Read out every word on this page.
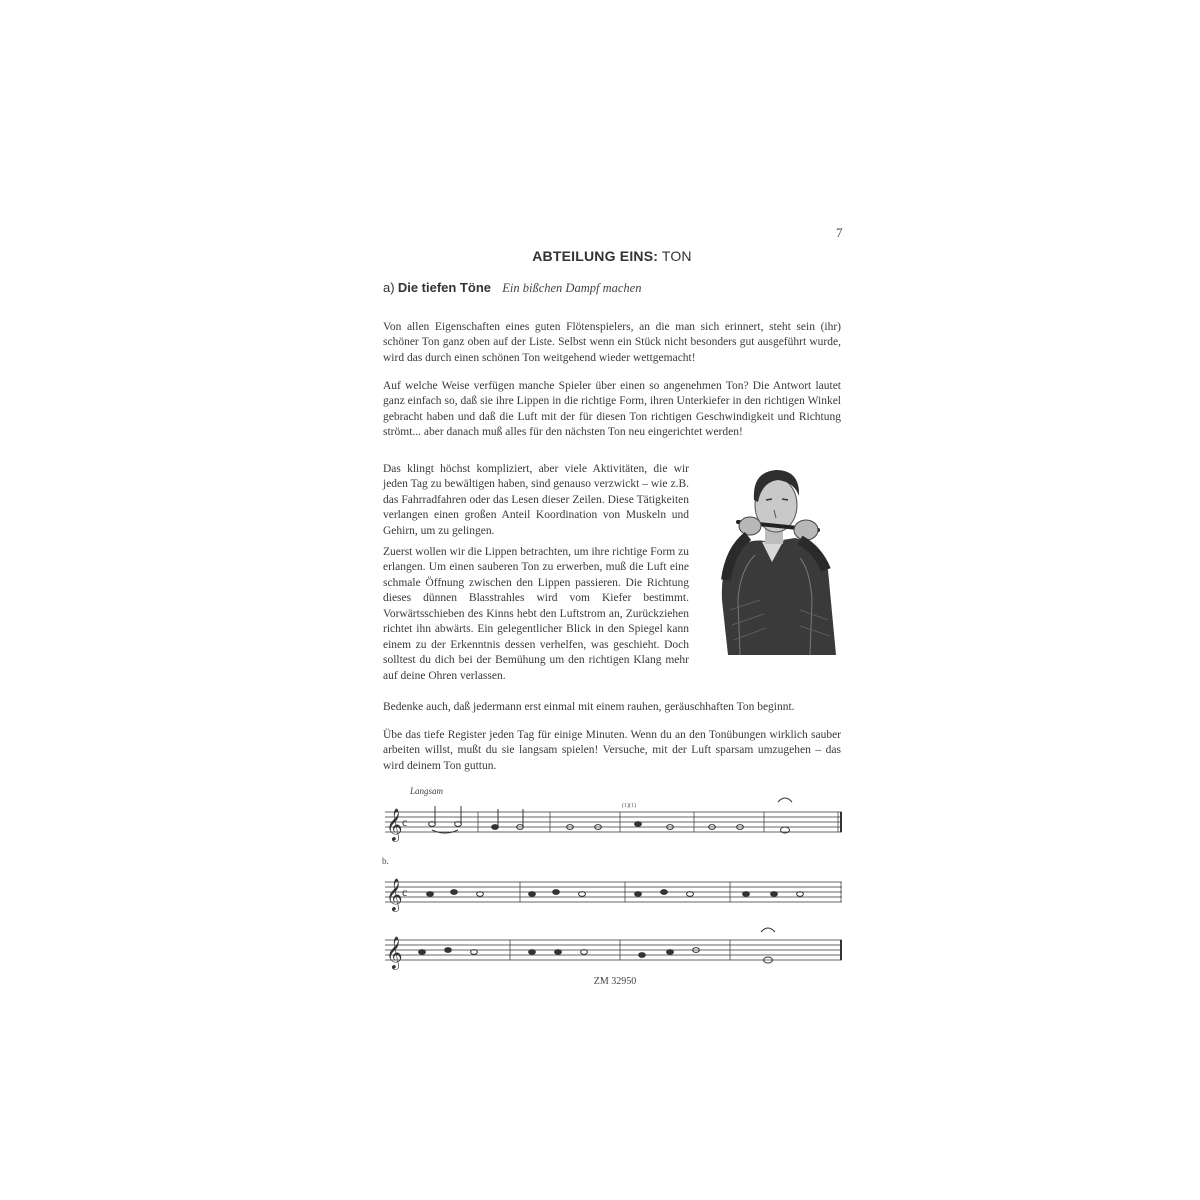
7
ABTEILUNG EINS: TON
a) Die tiefen Töne Ein bißchen Dampf machen

Von allen Eigenschaften eines guten Flötenspielers, an die man sich erinnert, steht sein (ihr) schöner Ton ganz oben auf der Liste. Selbst wenn ein Stück nicht besonders gut ausgeführt wurde, wird das durch einen schönen Ton weitgehend wieder wettgemacht!

Auf welche Weise verfügen manche Spieler über einen so angenehmen Ton? Die Antwort lautet ganz einfach so, daß sie ihre Lippen in die richtige Form, ihren Unterkiefer in den richtigen Winkel gebracht haben und daß die Luft mit der für diesen Ton richtigen Geschwindigkeit und Richtung strömt... aber danach muß alles für den nächsten Ton neu eingerichtet werden!

Das klingt höchst kompliziert, aber viele Aktivitäten, die wir jeden Tag zu bewältigen haben, sind genauso verzwickt – wie z.B. das Fahrradfahren oder das Lesen dieser Zeilen. Diese Tätigkeiten verlangen einen großen Anteil Koordination von Muskeln und Gehirn, um zu gelingen.

Zuerst wollen wir die Lippen betrachten, um ihre richtige Form zu erlangen. Um einen sauberen Ton zu erwerben, muß die Luft eine schmale Öffnung zwischen den Lippen passieren. Die Richtung dieses dünnen Blasstrahles wird vom Kiefer bestimmt. Vorwärtsschieben des Kinns hebt den Luftstrom an, Zurückziehen richtet ihn abwärts. Ein gelegentlicher Blick in den Spiegel kann einem zu der Erkenntnis dessen verhelfen, was geschieht. Doch solltest du dich bei der Bemühung um den richtigen Klang mehr auf deine Ohren verlassen.

Bedenke auch, daß jedermann erst einmal mit einem rauhen, geräuschhaften Ton beginnt.

Übe das tiefe Register jeden Tag für einige Minuten. Wenn du an den Tonübungen wirklich sauber arbeiten willst, mußt du sie langsam spielen! Versuche, mit der Luft sparsam umzugehen – das wird deinem Ton guttun.

Langsam
(1)(1)
𝄞 c
b.
𝄞 c
𝄞
ZM 32950
